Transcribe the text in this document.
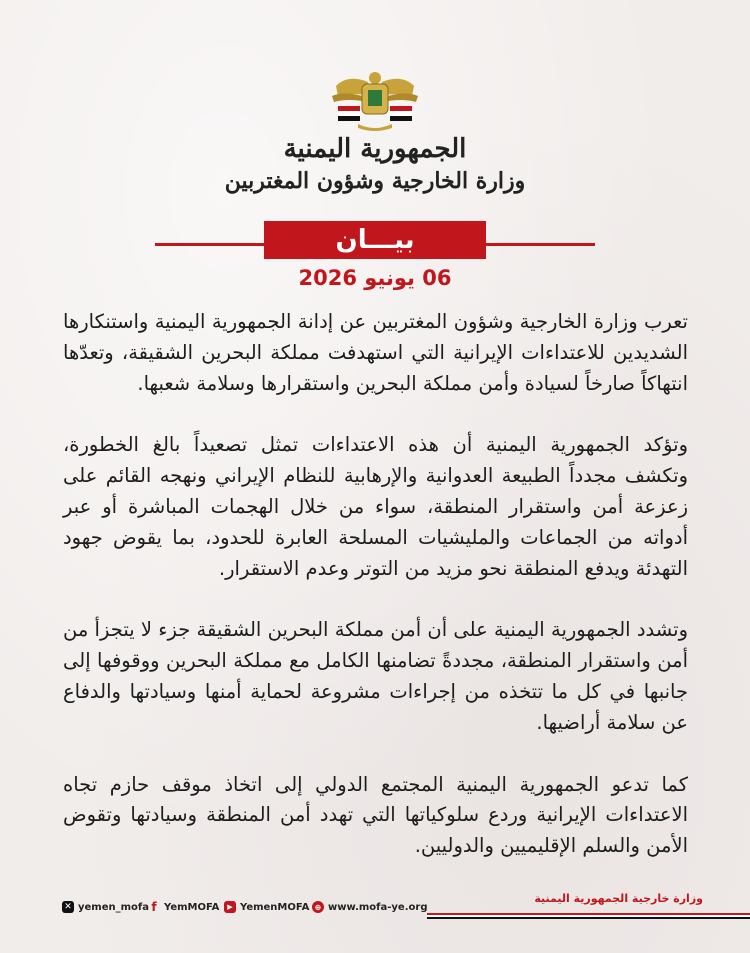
الجمهورية اليمنية
وزارة الخارجية وشؤون المغتربين
بيـــان
06 يونيو 2026

تعرب وزارة الخارجية وشؤون المغتربين عن إدانة الجمهورية اليمنية واستنكارها الشديدين للاعتداءات الإيرانية التي استهدفت مملكة البحرين الشقيقة، وتعدّها انتهاكاً صارخاً لسيادة وأمن مملكة البحرين واستقرارها وسلامة شعبها.

وتؤكد الجمهورية اليمنية أن هذه الاعتداءات تمثل تصعيداً بالغ الخطورة، وتكشف مجدداً الطبيعة العدوانية والإرهابية للنظام الإيراني ونهجه القائم على زعزعة أمن واستقرار المنطقة، سواء من خلال الهجمات المباشرة أو عبر أدواته من الجماعات والمليشيات المسلحة العابرة للحدود، بما يقوض جهود التهدئة ويدفع المنطقة نحو مزيد من التوتر وعدم الاستقرار.

وتشدد الجمهورية اليمنية على أن أمن مملكة البحرين الشقيقة جزء لا يتجزأ من أمن واستقرار المنطقة، مجددةً تضامنها الكامل مع مملكة البحرين ووقوفها إلى جانبها في كل ما تتخذه من إجراءات مشروعة لحماية أمنها وسيادتها والدفاع عن سلامة أراضيها.

كما تدعو الجمهورية اليمنية المجتمع الدولي إلى اتخاذ موقف حازم تجاه الاعتداءات الإيرانية وردع سلوكياتها التي تهدد أمن المنطقة وسيادتها وتقوض الأمن والسلم الإقليميين والدوليين.

وزارة خارجية الجمهورية اليمنية
✕ yemen_mofa f YemMOFA	▶ YemenMOFA ⊕ www.mofa-ye.org
